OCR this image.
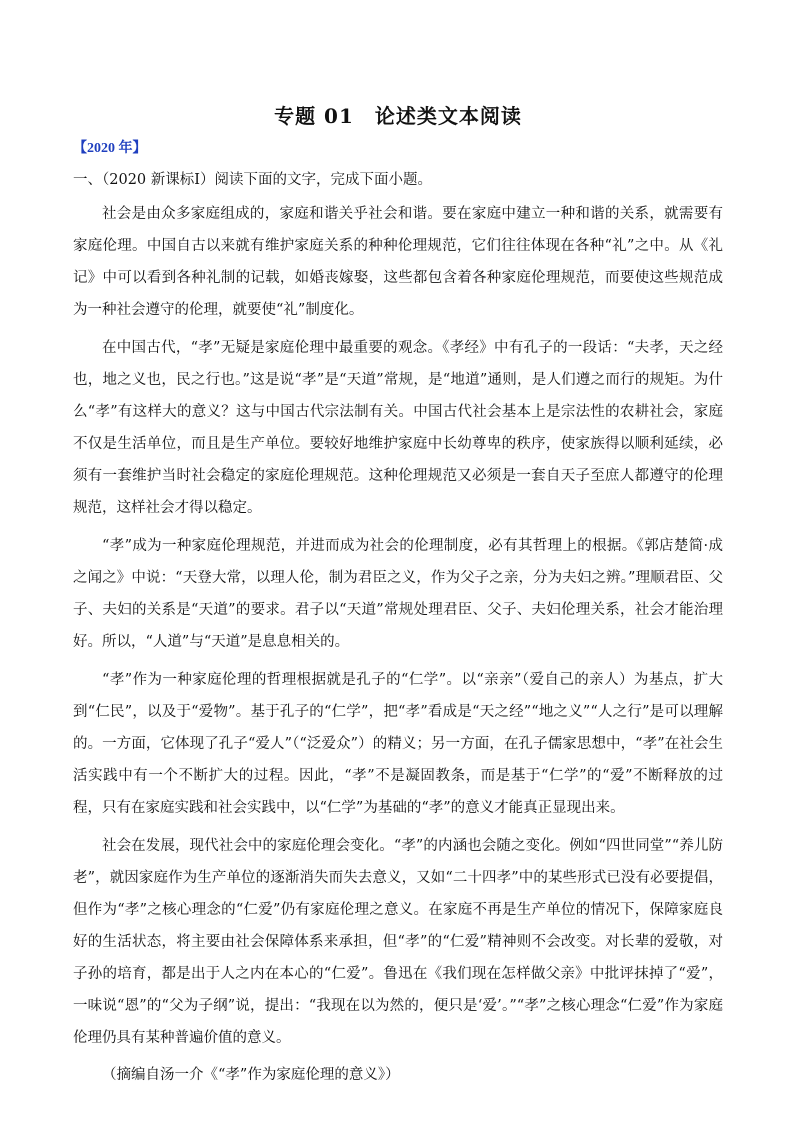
专题 01　论述类文本阅读
【2020 年】
一、（2020 新课标Ⅰ）阅读下面的文字，完成下面小题。

社会是由众多家庭组成的，家庭和谐关乎社会和谐。要在家庭中建立一种和谐的关系，就需要有家庭伦理。中国自古以来就有维护家庭关系的种种伦理规范，它们往往体现在各种“礼”之中。从《礼记》中可以看到各种礼制的记载，如婚丧嫁娶，这些都包含着各种家庭伦理规范，而要使这些规范成为一种社会遵守的伦理，就要使“礼”制度化。

在中国古代，“孝”无疑是家庭伦理中最重要的观念。《孝经》中有孔子的一段话：“夫孝，天之经也，地之义也，民之行也。”这是说“孝”是“天道”常规，是“地道”通则，是人们遵之而行的规矩。为什么“孝”有这样大的意义？这与中国古代宗法制有关。中国古代社会基本上是宗法性的农耕社会，家庭不仅是生活单位，而且是生产单位。要较好地维护家庭中长幼尊卑的秩序，使家族得以顺利延续，必须有一套维护当时社会稳定的家庭伦理规范。这种伦理规范又必须是一套自天子至庶人都遵守的伦理规范，这样社会才得以稳定。

“孝”成为一种家庭伦理规范，并进而成为社会的伦理制度，必有其哲理上的根据。《郭店楚简·成之闻之》中说：“天登大常，以理人伦，制为君臣之义，作为父子之亲，分为夫妇之辨。”理顺君臣、父子、夫妇的关系是“天道”的要求。君子以“天道”常规处理君臣、父子、夫妇伦理关系，社会才能治理好。所以，“人道”与“天道”是息息相关的。

“孝”作为一种家庭伦理的哲理根据就是孔子的“仁学”。以“亲亲”（爱自己的亲人）为基点，扩大到“仁民”，以及于“爱物”。基于孔子的“仁学”，把“孝”看成是“天之经”“地之义”“人之行”是可以理解的。一方面，它体现了孔子“爱人”（“泛爱众”）的精义；另一方面，在孔子儒家思想中，“孝”在社会生活实践中有一个不断扩大的过程。因此，“孝”不是凝固教条，而是基于“仁学”的“爱”不断释放的过程，只有在家庭实践和社会实践中，以“仁学”为基础的“孝”的意义才能真正显现出来。

社会在发展，现代社会中的家庭伦理会变化。“孝”的内涵也会随之变化。例如“四世同堂”“养儿防老”，就因家庭作为生产单位的逐渐消失而失去意义，又如“二十四孝”中的某些形式已没有必要提倡，但作为“孝”之核心理念的“仁爱”仍有家庭伦理之意义。在家庭不再是生产单位的情况下，保障家庭良好的生活状态，将主要由社会保障体系来承担，但“孝”的“仁爱”精神则不会改变。对长辈的爱敬，对子孙的培育，都是出于人之内在本心的“仁爱”。鲁迅在《我们现在怎样做父亲》中批评抹掉了“爱”，一味说“恩”的“父为子纲”说，提出：“我现在以为然的，便只是‘爱’。”“孝”之核心理念“仁爱”作为家庭伦理仍具有某种普遍价值的意义。

（摘编自汤一介《“孝”作为家庭伦理的意义》）
